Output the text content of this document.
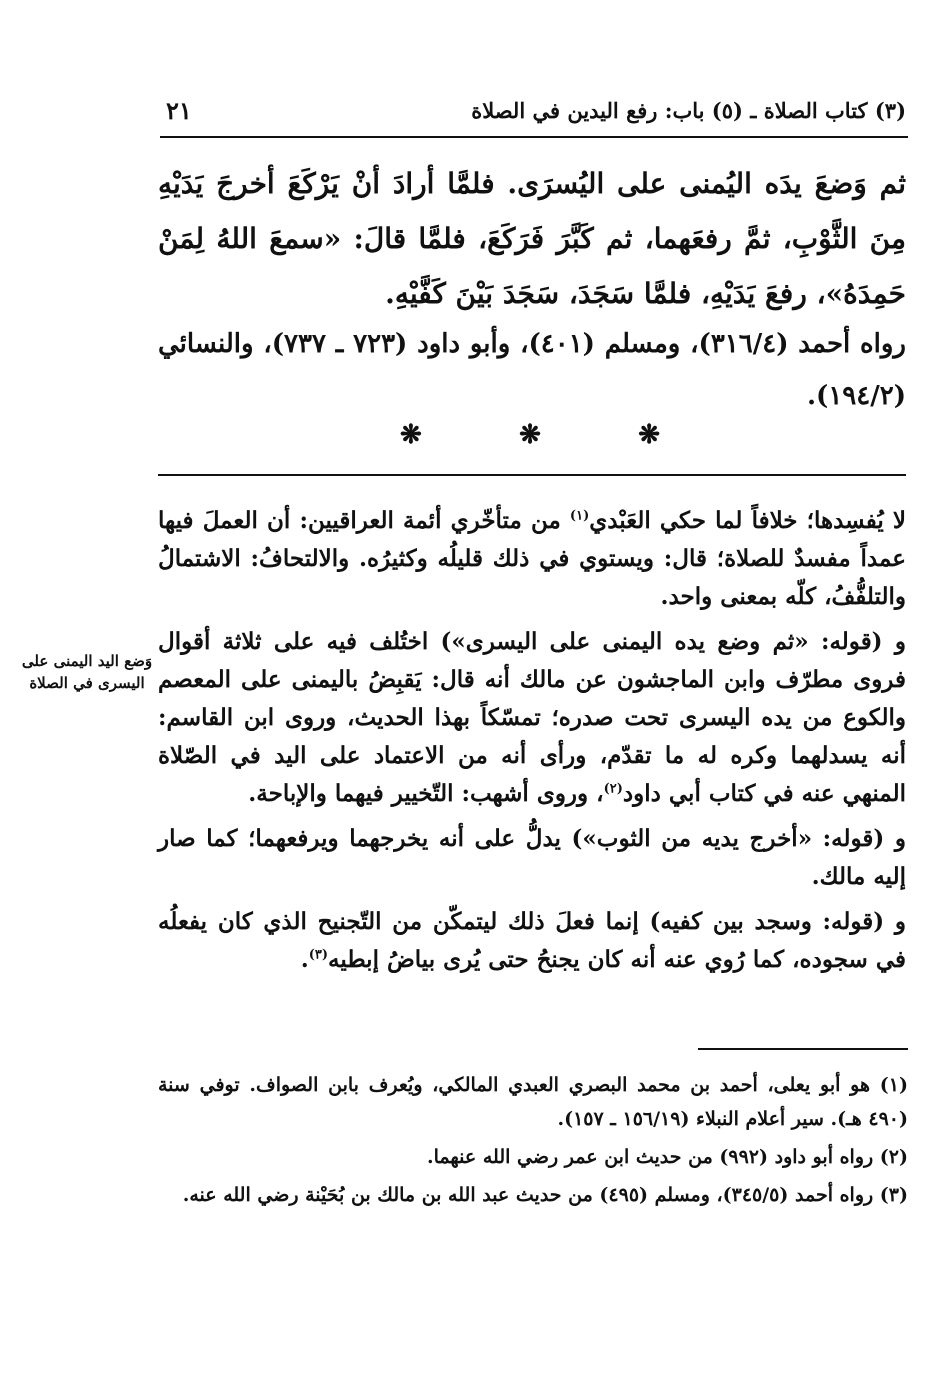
(٣) كتاب الصلاة ـ (٥) باب: رفع اليدين في الصلاة
٢١

ثم وَضعَ يدَه اليُمنى على اليُسرَى. فلمَّا أرادَ أنْ يَرْكَعَ أخرجَ يَدَيْهِ مِنَ الثَّوْبِ، ثمَّ رفعَهما، ثم كَبَّرَ فَرَكَعَ، فلمَّا قالَ: «سمعَ اللهُ لِمَنْ حَمِدَهُ»، رفعَ يَدَيْهِ، فلمَّا سَجَدَ، سَجَدَ بَيْنَ كَفَّيْهِ.

رواه أحمد (٣١٦/٤)، ومسلم (٤٠١)، وأبو داود (٧٢٣ ـ ٧٣٧)، والنسائي (١٩٤/٢).

❋
❋
❋

لا يُفسِدها؛ خلافاً لما حكي العَبْدي$^{(١)}$ من متأخّري أئمة العراقيين: أن العملَ فيها عمداً مفسدٌ للصلاة؛ قال: ويستوي في ذلك قليلُه وكثيرُه. والالتحافُ: الاشتمالُ والتلفُّفُ، كلّه بمعنى واحد.

و (قوله: «ثم وضع يده اليمنى على اليسرى») اختُلف فيه على ثلاثة أقوال فروى مطرّف وابن الماجشون عن مالك أنه قال: يَقبِضُ باليمنى على المعصم والكوع من يده اليسرى تحت صدره؛ تمسّكاً بهذا الحديث، وروى ابن القاسم: أنه يسدلهما وكره له ما تقدّم، ورأى أنه من الاعتماد على اليد في الصّلاة المنهي عنه في كتاب أبي داود$^{(٢)}$، وروى أشهب: التّخيير فيهما والإباحة.

و (قوله: «أخرج يديه من الثوب») يدلُّ على أنه يخرجهما ويرفعهما؛ كما صار إليه مالك.

و (قوله: وسجد بين كفيه) إنما فعلَ ذلك ليتمكّن من التّجنيح الذي كان يفعلُه في سجوده، كما رُوي عنه أنه كان يجنحُ حتى يُرى بياضُ إبطيه$^{(٣)}$.

وَضع اليد اليمنى على اليسرى في الصلاة

(١) هو أبو يعلى، أحمد بن محمد البصري العبدي المالكي، ويُعرف بابن الصواف. توفي سنة (٤٩٠ هـ). سير أعلام النبلاء (١٥٦/١٩ ـ ١٥٧).

(٢) رواه أبو داود (٩٩٢) من حديث ابن عمر رضي الله عنهما.

(٣) رواه أحمد (٣٤٥/٥)، ومسلم (٤٩٥) من حديث عبد الله بن مالك بن بُحَيْنة رضي الله عنه.
